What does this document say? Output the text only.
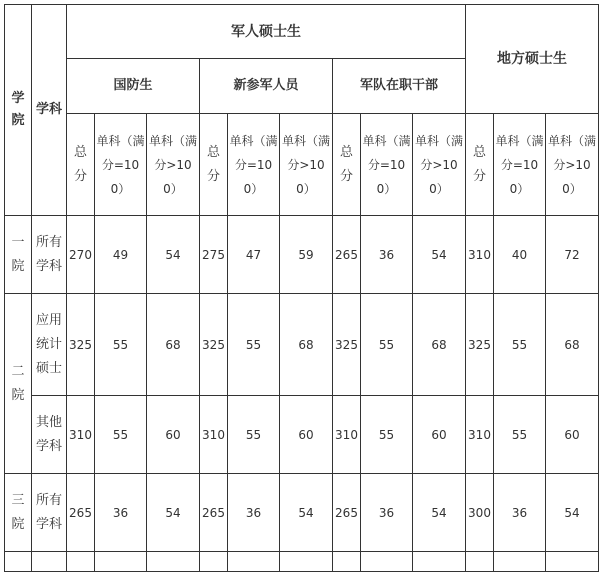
学院	学科	军人硕士生									地方硕士生		
		国防生			新参军人员			军队在职干部					

		总分	单科（满分=100）	单科（满分>100）	总分	单科（满分=100）	单科（满分>100）	总分	单科（满分=100）	单科（满分>100）	总分	单科（满分=100）	单科（满分>100）

一院	所有学科	270	49	54	275	47	59	265	36	54	310	40	72

二院	应用统计硕士	325	55	68	325	55	68	325	55	68	325	55	68

	其他学科	310	55	60	310	55	60	310	55	60	310	55	60

三院	所有学科	265	36	54	265	36	54	265	36	54	300	36	54
